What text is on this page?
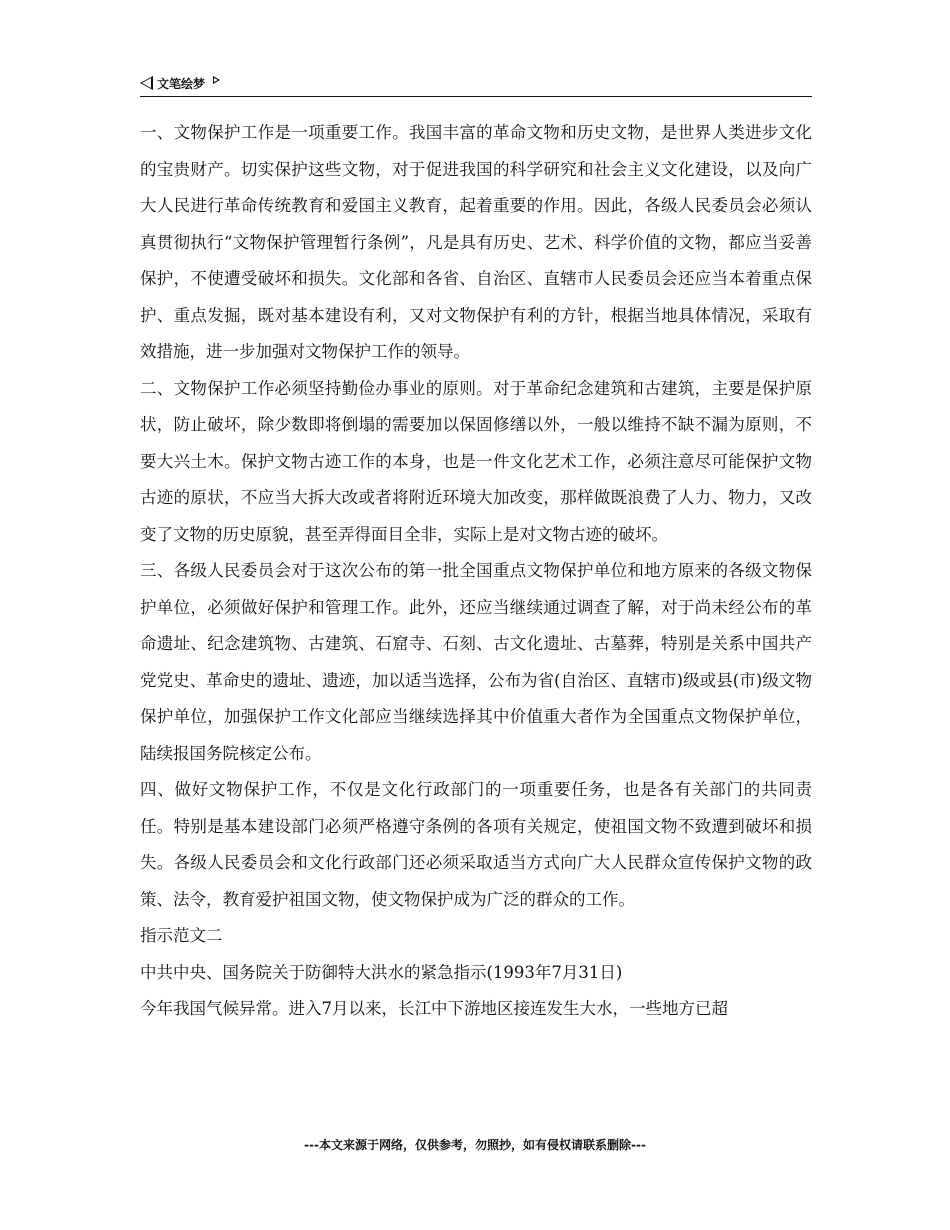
文笔绘梦

一、文物保护工作是一项重要工作。我国丰富的革命文物和历史文物，是世界人类进步文化的宝贵财产。切实保护这些文物，对于促进我国的科学研究和社会主义文化建设，以及向广大人民进行革命传统教育和爱国主义教育，起着重要的作用。因此，各级人民委员会必须认真贯彻执行“文物保护管理暂行条例”，凡是具有历史、艺术、科学价值的文物，都应当妥善保护，不使遭受破坏和损失。文化部和各省、自治区、直辖市人民委员会还应当本着重点保护、重点发掘，既对基本建设有利，又对文物保护有利的方针，根据当地具体情况，采取有效措施，进一步加强对文物保护工作的领导。

二、文物保护工作必须坚持勤俭办事业的原则。对于革命纪念建筑和古建筑，主要是保护原状，防止破坏，除少数即将倒塌的需要加以保固修缮以外，一般以维持不缺不漏为原则，不要大兴土木。保护文物古迹工作的本身，也是一件文化艺术工作，必须注意尽可能保护文物古迹的原状，不应当大拆大改或者将附近环境大加改变，那样做既浪费了人力、物力，又改变了文物的历史原貌，甚至弄得面目全非，实际上是对文物古迹的破坏。

三、各级人民委员会对于这次公布的第一批全国重点文物保护单位和地方原来的各级文物保护单位，必须做好保护和管理工作。此外，还应当继续通过调查了解，对于尚未经公布的革命遗址、纪念建筑物、古建筑、石窟寺、石刻、古文化遗址、古墓葬，特别是关系中国共产党党史、革命史的遗址、遗迹，加以适当选择，公布为省(自治区、直辖市)级或县(市)级文物保护单位，加强保护工作文化部应当继续选择其中价值重大者作为全国重点文物保护单位，陆续报国务院核定公布。

四、做好文物保护工作，不仅是文化行政部门的一项重要任务，也是各有关部门的共同责任。特别是基本建设部门必须严格遵守条例的各项有关规定，使祖国文物不致遭到破坏和损失。各级人民委员会和文化行政部门还必须采取适当方式向广大人民群众宣传保护文物的政策、法令，教育爱护祖国文物，使文物保护成为广泛的群众的工作。

指示范文二

中共中央、国务院关于防御特大洪水的紧急指示(1993年7月31日)

今年我国气候异常。进入7月以来，长江中下游地区接连发生大水，一些地方已超

---本文来源于网络，仅供参考，勿照抄，如有侵权请联系删除---
